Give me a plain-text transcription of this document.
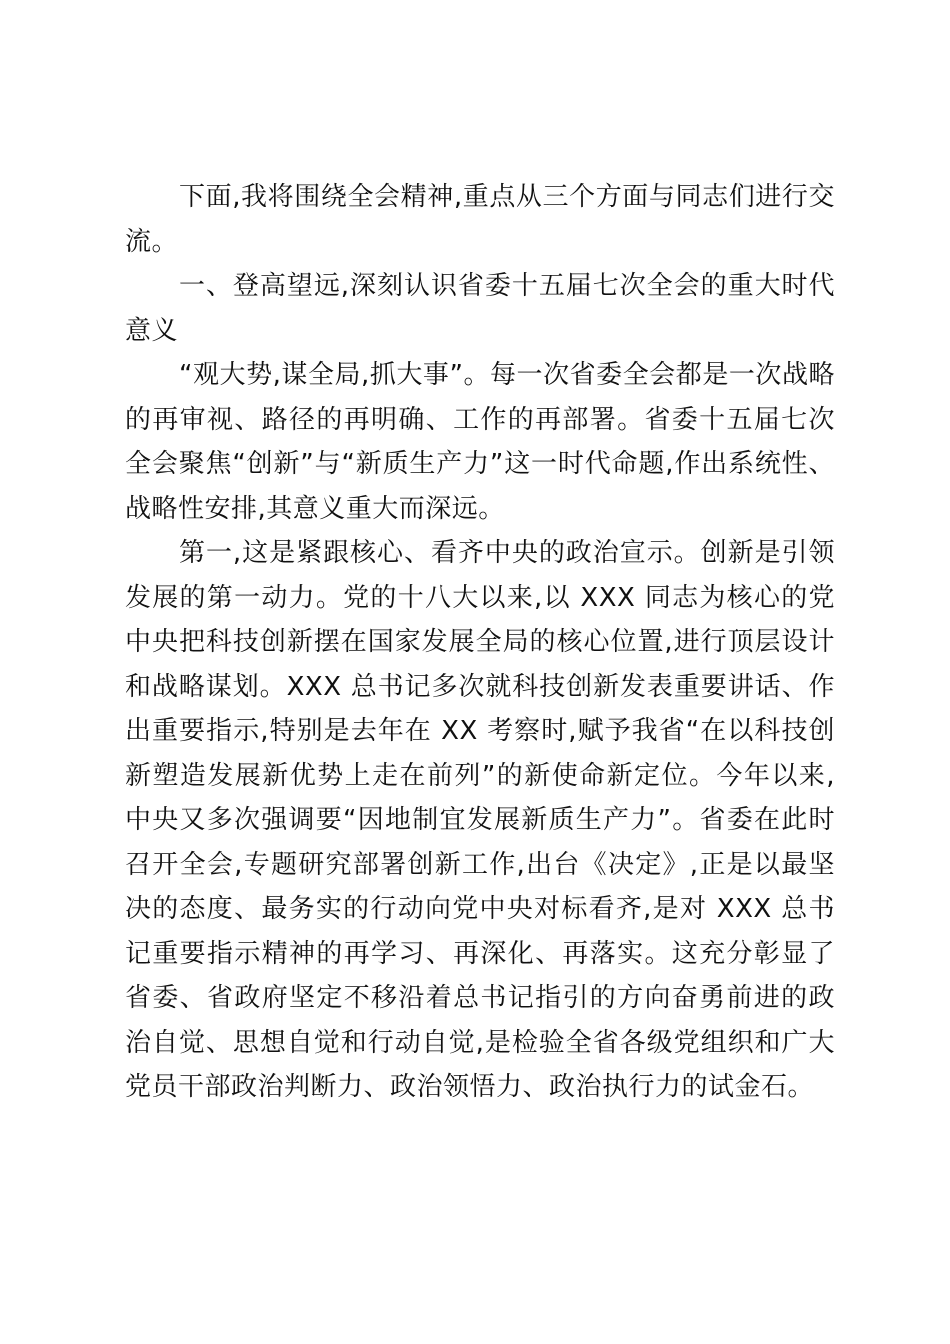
下面,我将围绕全会精神,重点从三个方面与同志们进行交流。

一、登高望远,深刻认识省委十五届七次全会的重大时代意义

“观大势,谋全局,抓大事”。每一次省委全会都是一次战略的再审视、路径的再明确、工作的再部署。省委十五届七次全会聚焦“创新”与“新质生产力”这一时代命题,作出系统性、战略性安排,其意义重大而深远。

第一,这是紧跟核心、看齐中央的政治宣示。创新是引领发展的第一动力。党的十八大以来,以 XXX 同志为核心的党中央把科技创新摆在国家发展全局的核心位置,进行顶层设计和战略谋划。XXX 总书记多次就科技创新发表重要讲话、作出重要指示,特别是去年在 XX 考察时,赋予我省“在以科技创新塑造发展新优势上走在前列”的新使命新定位。今年以来,中央又多次强调要“因地制宜发展新质生产力”。省委在此时召开全会,专题研究部署创新工作,出台《决定》,正是以最坚决的态度、最务实的行动向党中央对标看齐,是对 XXX 总书记重要指示精神的再学习、再深化、再落实。这充分彰显了省委、省政府坚定不移沿着总书记指引的方向奋勇前进的政治自觉、思想自觉和行动自觉,是检验全省各级党组织和广大党员干部政治判断力、政治领悟力、政治执行力的试金石。
